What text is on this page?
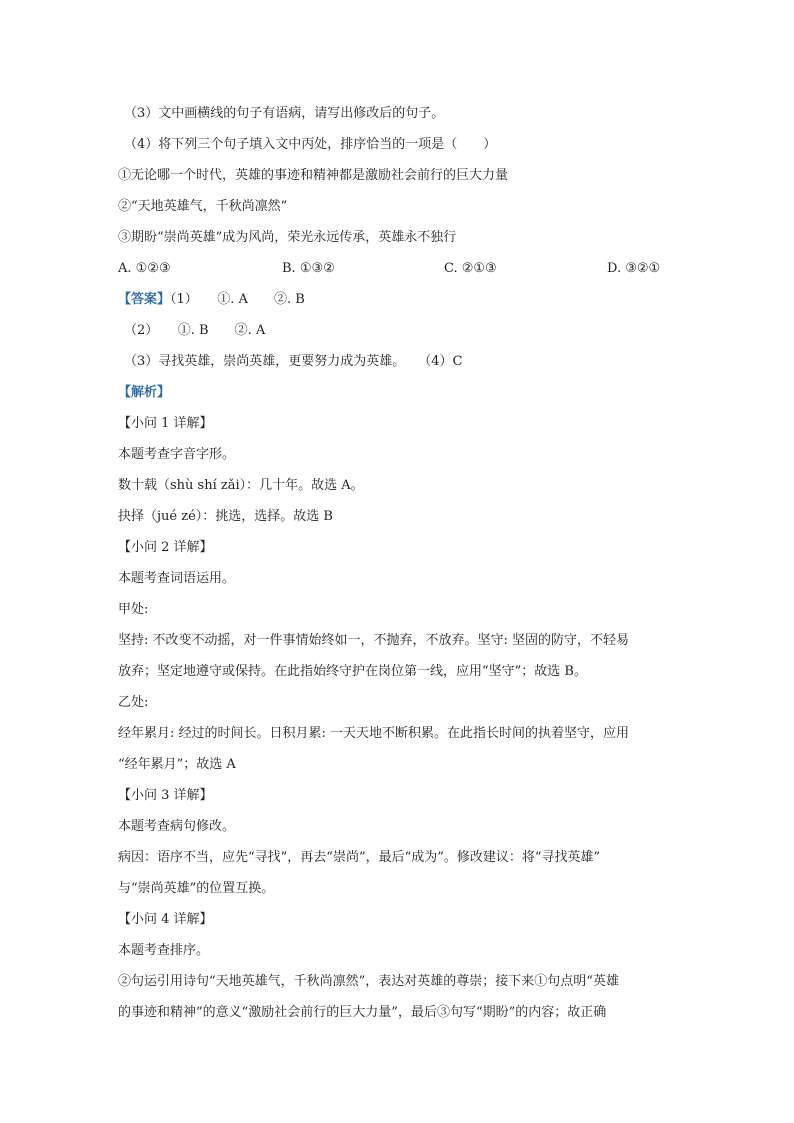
（3）文中画横线的句子有语病，请写出修改后的句子。
（4）将下列三个句子填入文中丙处，排序恰当的一项是（　　）
①无论哪一个时代，英雄的事迹和精神都是激励社会前行的巨大力量
②“天地英雄气，千秋尚凛然”
③期盼“崇尚英雄”成为风尚，荣光永远传承，英雄永不独行
A. ①②③	B. ①③②	C. ②①③	D. ③②①
【答案】（1）　　①. A　　②. B
（2）　　①. B　　②. A
（3）寻找英雄，崇尚英雄，更要努力成为英雄。　　（4）C
【解析】
【小问 1 详解】
本题考查字音字形。
数十载（shù shí zǎi）：几十年。故选 A。
抉择（jué zé）：挑选，选择。故选 B
【小问 2 详解】
本题考查词语运用。
甲处:
坚持: 不改变不动摇，对一件事情始终如一，不抛弃，不放弃。坚守: 坚固的防守，不轻易
放弃；坚定地遵守或保持。在此指始终守护在岗位第一线，应用“坚守”；故选 B。
乙处:
经年累月: 经过的时间长。日积月累: 一天天地不断积累。在此指长时间的执着坚守，应用
“经年累月”；故选 A
【小问 3 详解】
本题考查病句修改。
病因：语序不当，应先“寻找”，再去“崇尚”，最后“成为”。修改建议：将“寻找英雄”
与“崇尚英雄”的位置互换。
【小问 4 详解】
本题考查排序。
②句运引用诗句“天地英雄气，千秋尚凛然”，表达对英雄的尊崇；接下来①句点明“英雄
的事迹和精神”的意义“激励社会前行的巨大力量”，最后③句写“期盼”的内容；故正确
